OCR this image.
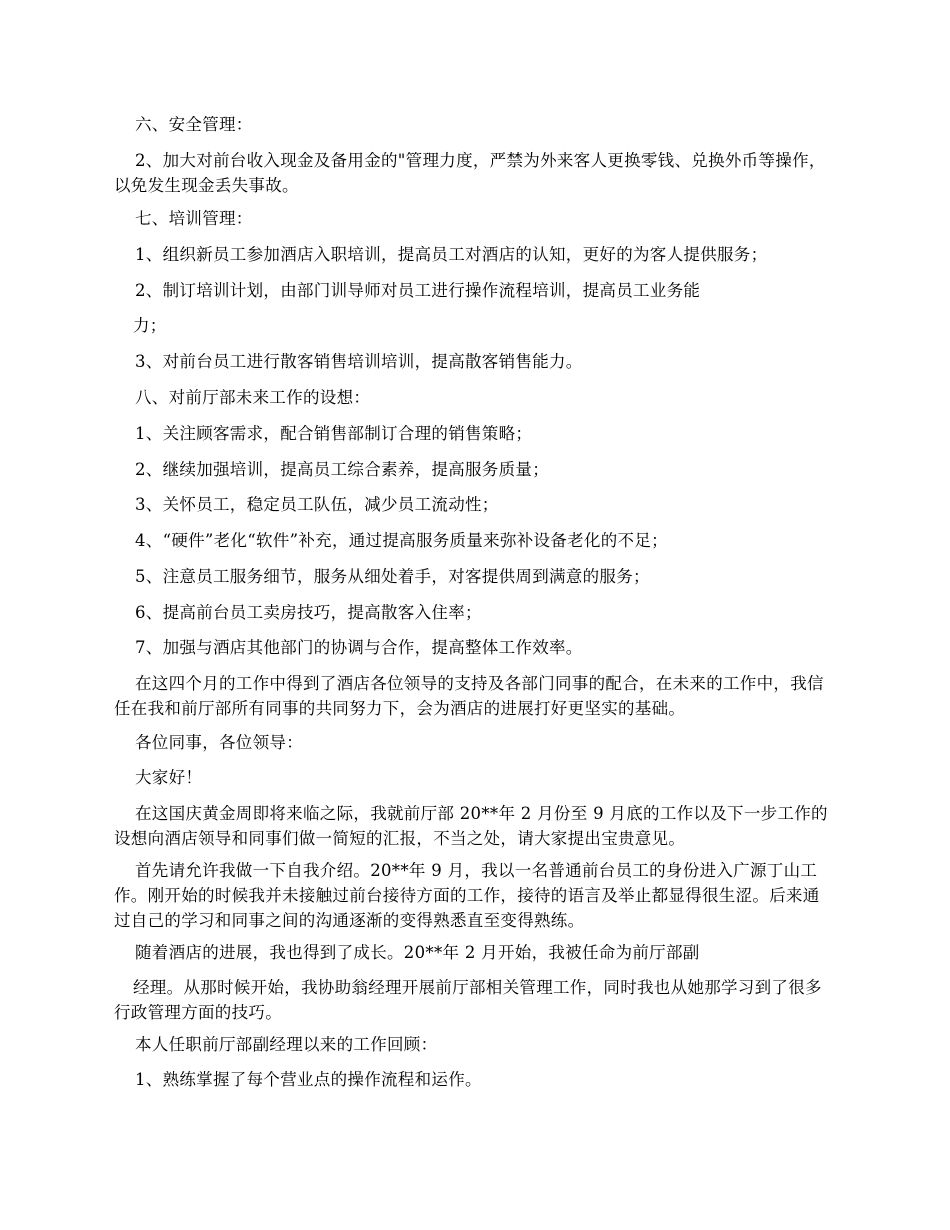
六、安全管理：

2、加大对前台收入现金及备用金的"管理力度，严禁为外来客人更换零钱、兑换外币等操作，以免发生现金丢失事故。

七、培训管理：

1、组织新员工参加酒店入职培训，提高员工对酒店的认知，更好的为客人提供服务；

2、制订培训计划，由部门训导师对员工进行操作流程培训，提高员工业务能

力；

3、对前台员工进行散客销售培训培训，提高散客销售能力。

八、对前厅部未来工作的设想：

1、关注顾客需求，配合销售部制订合理的销售策略；

2、继续加强培训，提高员工综合素养，提高服务质量；

3、关怀员工，稳定员工队伍，减少员工流动性；

4、“硬件”老化“软件”补充，通过提高服务质量来弥补设备老化的不足；

5、注意员工服务细节，服务从细处着手，对客提供周到满意的服务；

6、提高前台员工卖房技巧，提高散客入住率；

7、加强与酒店其他部门的协调与合作，提高整体工作效率。

在这四个月的工作中得到了酒店各位领导的支持及各部门同事的配合，在未来的工作中，我信任在我和前厅部所有同事的共同努力下，会为酒店的进展打好更坚实的基础。

各位同事，各位领导：

大家好！

在这国庆黄金周即将来临之际，我就前厅部 20**年 2 月份至 9 月底的工作以及下一步工作的设想向酒店领导和同事们做一简短的汇报，不当之处，请大家提出宝贵意见。

首先请允许我做一下自我介绍。20**年 9 月，我以一名普通前台员工的身份进入广源丁山工作。刚开始的时候我并未接触过前台接待方面的工作，接待的语言及举止都显得很生涩。后来通过自己的学习和同事之间的沟通逐渐的变得熟悉直至变得熟练。

随着酒店的进展，我也得到了成长。20**年 2 月开始，我被任命为前厅部副

经理。从那时候开始，我协助翁经理开展前厅部相关管理工作，同时我也从她那学习到了很多行政管理方面的技巧。

本人任职前厅部副经理以来的工作回顾：

1、熟练掌握了每个营业点的操作流程和运作。
